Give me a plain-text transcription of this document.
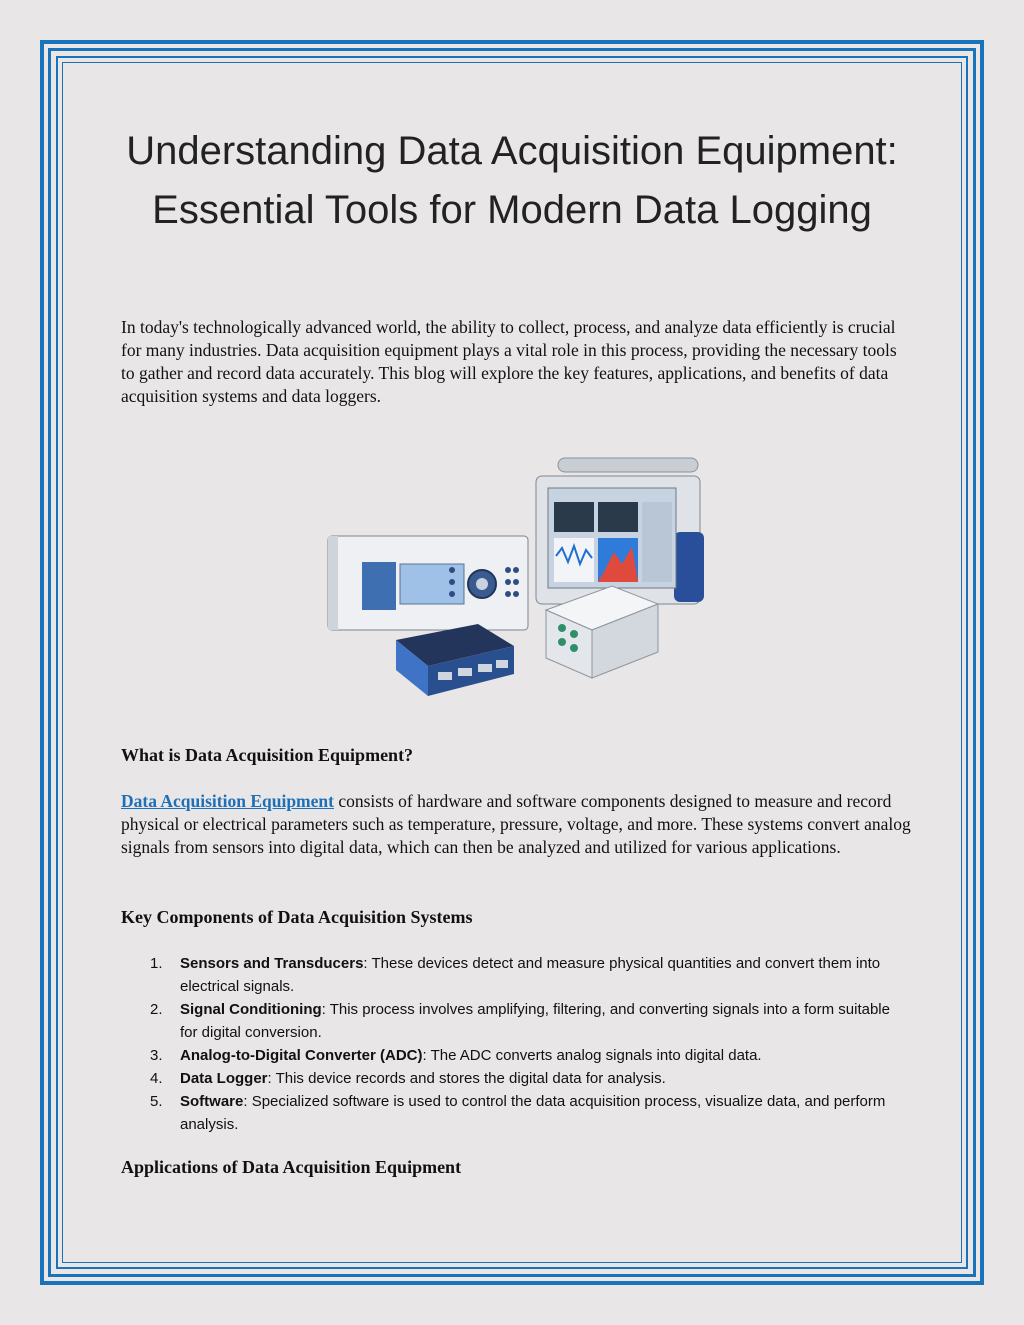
Understanding Data Acquisition Equipment: Essential Tools for Modern Data Logging

In today's technologically advanced world, the ability to collect, process, and analyze data efficiently is crucial for many industries. Data acquisition equipment plays a vital role in this process, providing the necessary tools to gather and record data accurately. This blog will explore the key features, applications, and benefits of data acquisition systems and data loggers.

What is Data Acquisition Equipment?

Data Acquisition Equipment consists of hardware and software components designed to measure and record physical or electrical parameters such as temperature, pressure, voltage, and more. These systems convert analog signals from sensors into digital data, which can then be analyzed and utilized for various applications.

Key Components of Data Acquisition Systems
1. Sensors and Transducers: These devices detect and measure physical quantities and convert them into electrical signals.
2. Signal Conditioning: This process involves amplifying, filtering, and converting signals into a form suitable for digital conversion.
3. Analog-to-Digital Converter (ADC): The ADC converts analog signals into digital data.
4. Data Logger: This device records and stores the digital data for analysis.
5. Software: Specialized software is used to control the data acquisition process, visualize data, and perform analysis.
Applications of Data Acquisition Equipment
